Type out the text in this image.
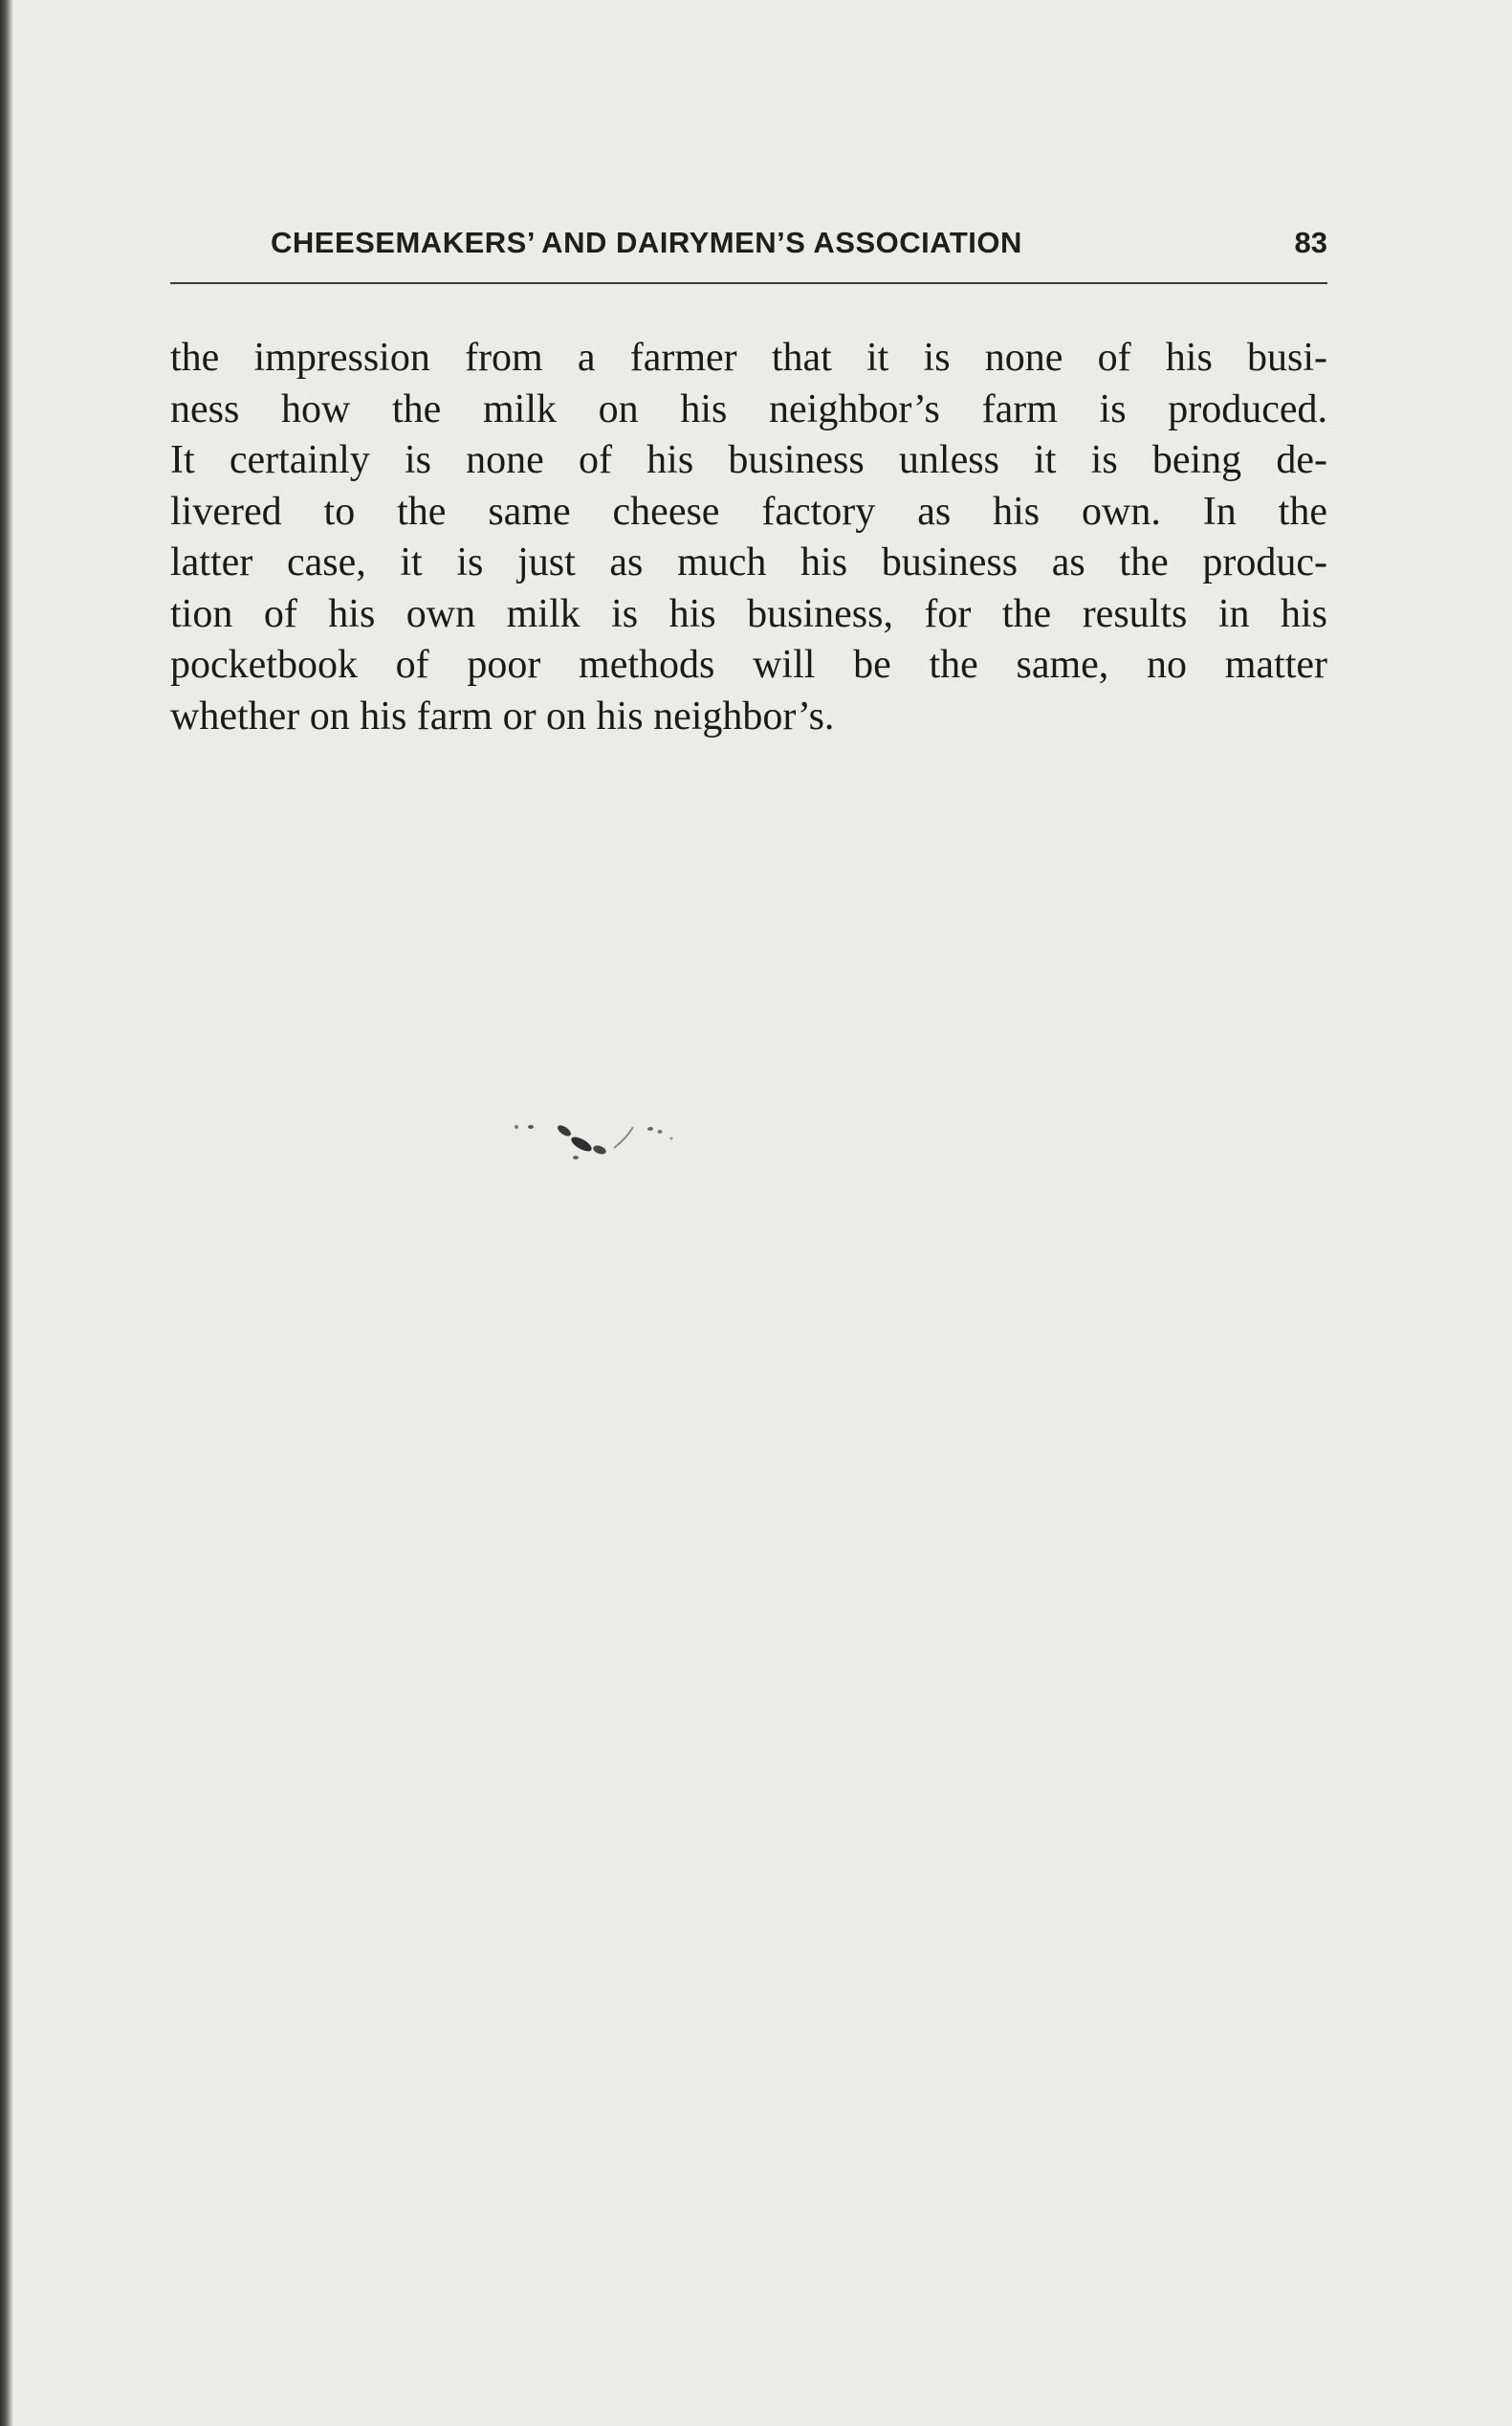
CHEESEMAKERS’ AND DAIRYMEN’S ASSOCIATION	83
the impression from a farmer that it is none of his busi-
ness how the milk on his neighbor’s farm is produced.
It certainly is none of his business unless it is being de-
livered to the same cheese factory as his own. In the
latter case, it is just as much his business as the produc-
tion of his own milk is his business, for the results in his
pocketbook of poor methods will be the same, no matter
whether on his farm or on his neighbor’s.
